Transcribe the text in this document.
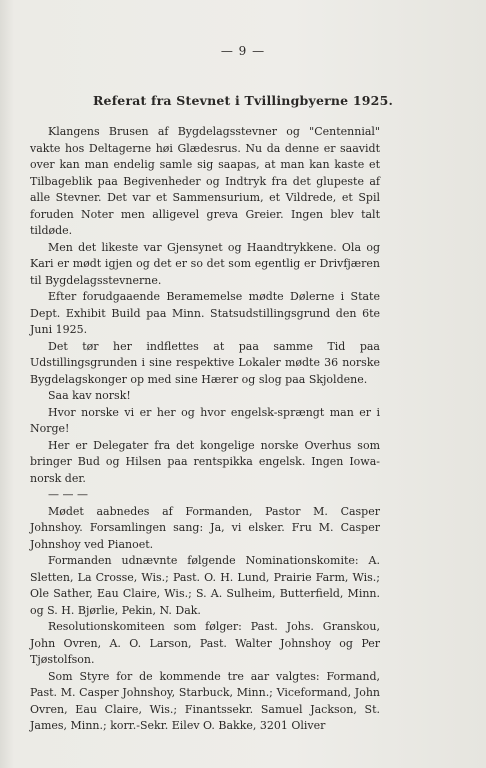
— 9 —
Referat fra Stevnet i Tvillingbyerne 1925.

Klangens Brusen af Bygdelagsstevner og "Centennial" vakte hos Deltagerne høi Glædesrus. Nu da denne er saavidt over kan man endelig samle sig saapas, at man kan kaste et Tilbageblik paa Begivenheder og Indtryk fra det glupeste af alle Stevner. Det var et Sammensurium, et Vildrede, et Spil foruden Noter men alligevel greva Greier. Ingen blev talt tildøde.

Men det likeste var Gjensynet og Haandtrykkene. Ola og Kari er mødt igjen og det er so det som egentlig er Drivfjæren til Bygdelagsstevnerne.

Efter forudgaaende Beramemelse mødte Dølerne i State Dept. Exhibit Build paa Minn. Statsudstillingsgrund den 6te Juni 1925.

Det tør her indflettes at paa samme Tid paa Udstillingsgrunden i sine respektive Lokaler mødte 36 norske Bygdelagskonger op med sine Hærer og slog paa Skjoldene.

Saa kav norsk!

Hvor norske vi er her og hvor engelsk-sprængt man er i Norge!

Her er Delegater fra det kongelige norske Overhus som bringer Bud og Hilsen paa rentspikka engelsk. Ingen Iowa-norsk der.

— — —

Mødet aabnedes af Formanden, Pastor M. Casper Johnshoy. Forsamlingen sang: Ja, vi elsker. Fru M. Casper Johnshoy ved Pianoet.

Formanden udnævnte følgende Nominationskomite: A. Sletten, La Crosse, Wis.; Past. O. H. Lund, Prairie Farm, Wis.; Ole Sather, Eau Claire, Wis.; S. A. Sulheim, Butterfield, Minn. og S. H. Bjørlie, Pekin, N. Dak.

Resolutionskomiteen som følger: Past. Johs. Granskou, John Ovren, A. O. Larson, Past. Walter Johnshoy og Per Tjøstolfson.

Som Styre for de kommende tre aar valgtes: Formand, Past. M. Casper Johnshoy, Starbuck, Minn.; Viceformand, John Ovren, Eau Claire, Wis.; Finantssekr. Samuel Jackson, St. James, Minn.; korr.-Sekr. Eilev O. Bakke, 3201 Oliver
